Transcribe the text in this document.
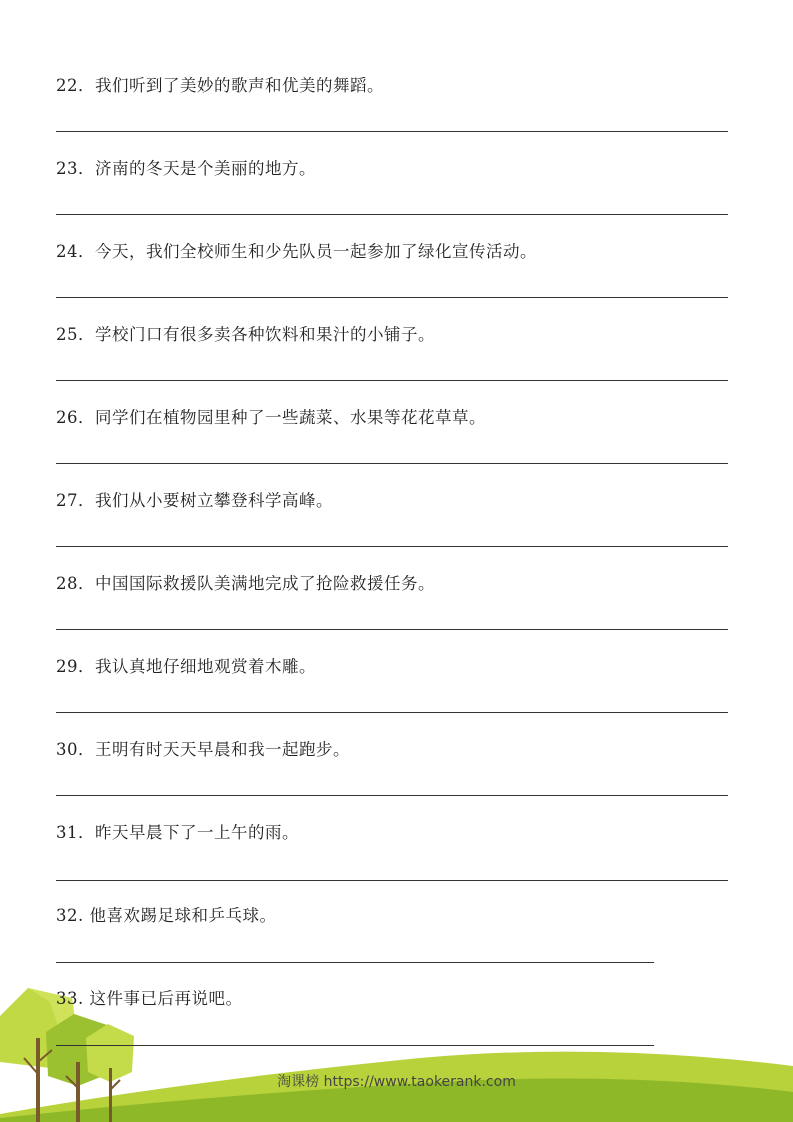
22．我们听到了美妙的歌声和优美的舞蹈。
23．济南的冬天是个美丽的地方。
24．今天，我们全校师生和少先队员一起参加了绿化宣传活动。
25．学校门口有很多卖各种饮料和果汁的小铺子。
26．同学们在植物园里种了一些蔬菜、水果等花花草草。
27．我们从小要树立攀登科学高峰。
28．中国国际救援队美满地完成了抢险救援任务。
29．我认真地仔细地观赏着木雕。
30．王明有时天天早晨和我一起跑步。
31．昨天早晨下了一上午的雨。
32. 他喜欢踢足球和乒乓球。
33. 这件事已后再说吧。
淘课榜 https://www.taokerank.com
